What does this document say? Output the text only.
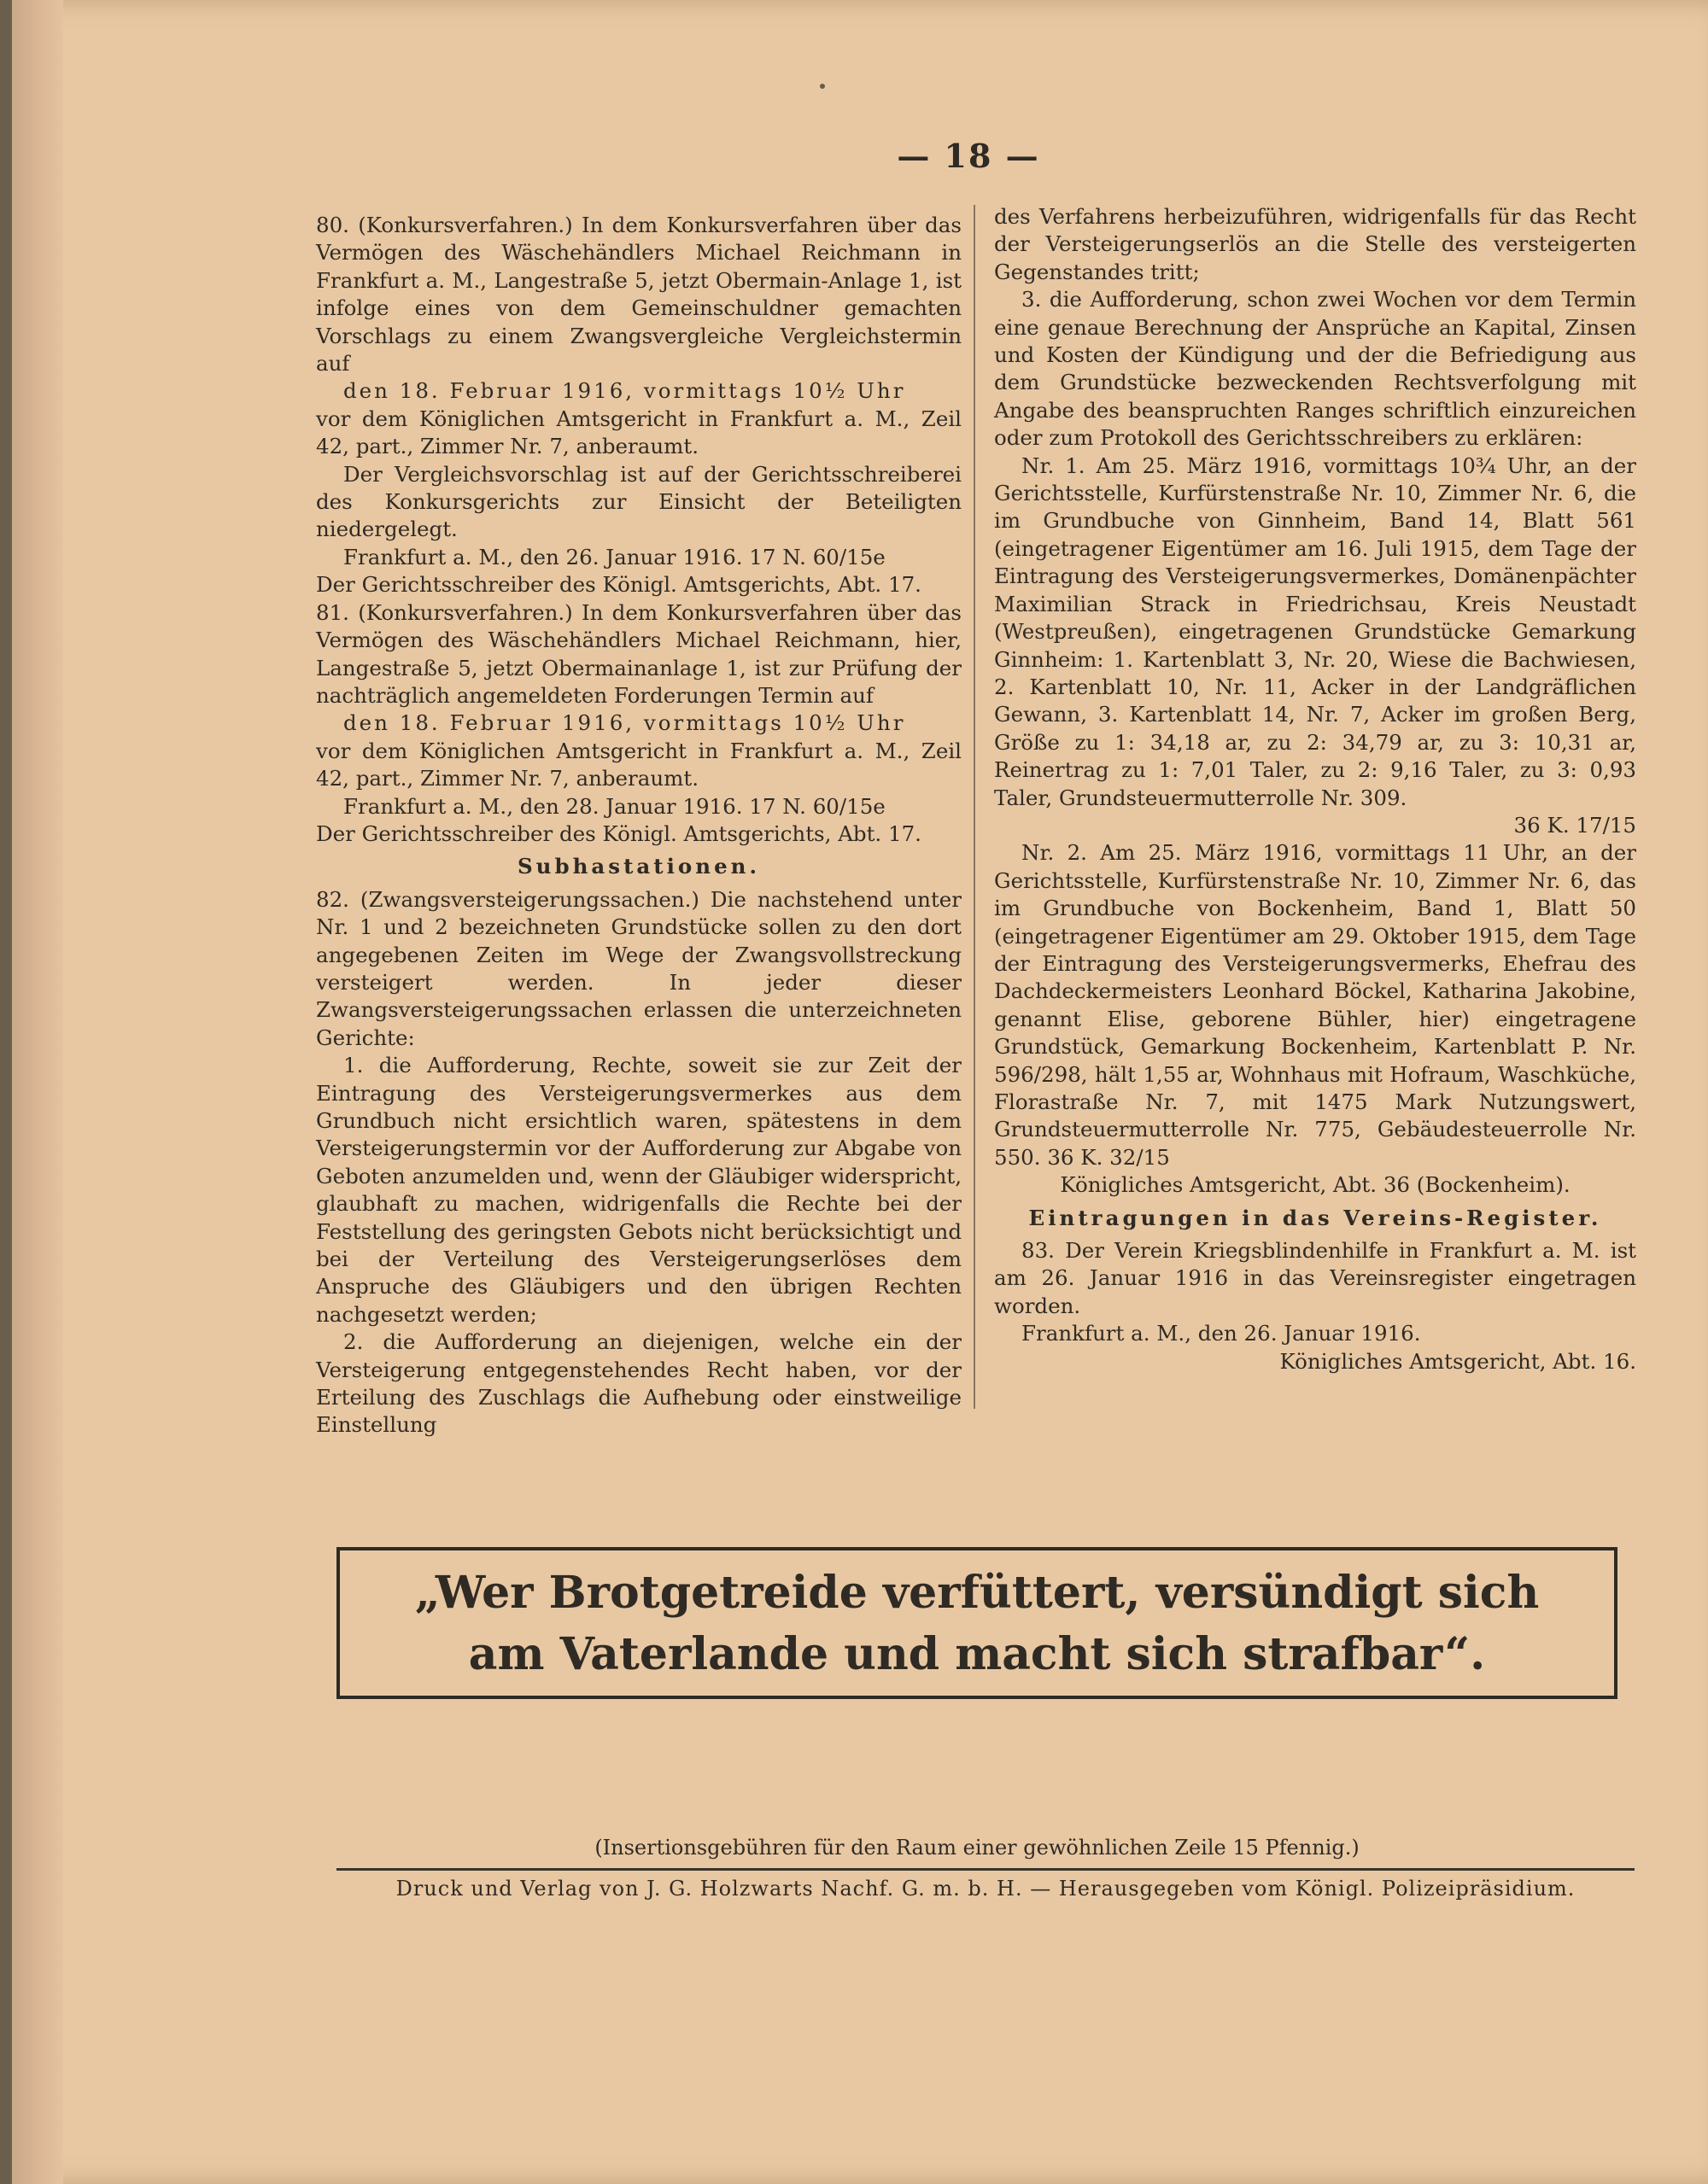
— 18 —

80. (Konkursverfahren.) In dem Konkursverfahren über das Vermögen des Wäschehändlers Michael Reichmann in Frankfurt a. M., Langestraße 5, jetzt Obermain-Anlage 1, ist infolge eines von dem Gemeinschuldner gemachten Vorschlags zu einem Zwangsvergleiche Vergleichstermin auf

den 18. Februar 1916, vormittags 10½ Uhr

vor dem Königlichen Amtsgericht in Frankfurt a. M., Zeil 42, part., Zimmer Nr. 7, anberaumt.

Der Vergleichsvorschlag ist auf der Gerichtsschreiberei des Konkursgerichts zur Einsicht der Beteiligten niedergelegt.

Frankfurt a. M., den 26. Januar 1916. 17 N. 60/15e

Der Gerichtsschreiber des Königl. Amtsgerichts, Abt. 17.

81. (Konkursverfahren.) In dem Konkursverfahren über das Vermögen des Wäschehändlers Michael Reichmann, hier, Langestraße 5, jetzt Obermainanlage 1, ist zur Prüfung der nachträglich angemeldeten Forderungen Termin auf

den 18. Februar 1916, vormittags 10½ Uhr

vor dem Königlichen Amtsgericht in Frankfurt a. M., Zeil 42, part., Zimmer Nr. 7, anberaumt.

Frankfurt a. M., den 28. Januar 1916. 17 N. 60/15e

Der Gerichtsschreiber des Königl. Amtsgerichts, Abt. 17.

Subhastationen.

82. (Zwangsversteigerungssachen.) Die nachstehend unter Nr. 1 und 2 bezeichneten Grundstücke sollen zu den dort angegebenen Zeiten im Wege der Zwangsvollstreckung versteigert werden. In jeder dieser Zwangsversteigerungssachen erlassen die unterzeichneten Gerichte:

1. die Aufforderung, Rechte, soweit sie zur Zeit der Eintragung des Versteigerungsvermerkes aus dem Grundbuch nicht ersichtlich waren, spätestens in dem Versteigerungstermin vor der Aufforderung zur Abgabe von Geboten anzumelden und, wenn der Gläubiger widerspricht, glaubhaft zu machen, widrigenfalls die Rechte bei der Feststellung des geringsten Gebots nicht berücksichtigt und bei der Verteilung des Versteigerungserlöses dem Anspruche des Gläubigers und den übrigen Rechten nachgesetzt werden;

2. die Aufforderung an diejenigen, welche ein der Versteigerung entgegenstehendes Recht haben, vor der Erteilung des Zuschlags die Aufhebung oder einstweilige Einstellung

des Verfahrens herbeizuführen, widrigenfalls für das Recht der Versteigerungserlös an die Stelle des versteigerten Gegenstandes tritt;

3. die Aufforderung, schon zwei Wochen vor dem Termin eine genaue Berechnung der Ansprüche an Kapital, Zinsen und Kosten der Kündigung und der die Befriedigung aus dem Grundstücke bezweckenden Rechtsverfolgung mit Angabe des beanspruchten Ranges schriftlich einzureichen oder zum Protokoll des Gerichtsschreibers zu erklären:

Nr. 1. Am 25. März 1916, vormittags 10¾ Uhr, an der Gerichtsstelle, Kurfürstenstraße Nr. 10, Zimmer Nr. 6, die im Grundbuche von Ginnheim, Band 14, Blatt 561 (eingetragener Eigentümer am 16. Juli 1915, dem Tage der Eintragung des Versteigerungsvermerkes, Domänenpächter Maximilian Strack in Friedrichsau, Kreis Neustadt (Westpreußen), eingetragenen Grundstücke Gemarkung Ginnheim: 1. Kartenblatt 3, Nr. 20, Wiese die Bachwiesen, 2. Kartenblatt 10, Nr. 11, Acker in der Landgräflichen Gewann, 3. Kartenblatt 14, Nr. 7, Acker im großen Berg, Größe zu 1: 34,18 ar, zu 2: 34,79 ar, zu 3: 10,31 ar, Reinertrag zu 1: 7,01 Taler, zu 2: 9,16 Taler, zu 3: 0,93 Taler, Grundsteuermutterrolle Nr. 309.

36 K. 17/15

Nr. 2. Am 25. März 1916, vormittags 11 Uhr, an der Gerichtsstelle, Kurfürstenstraße Nr. 10, Zimmer Nr. 6, das im Grundbuche von Bockenheim, Band 1, Blatt 50 (eingetragener Eigentümer am 29. Oktober 1915, dem Tage der Eintragung des Versteigerungsvermerks, Ehefrau des Dachdeckermeisters Leonhard Böckel, Katharina Jakobine, genannt Elise, geborene Bühler, hier) eingetragene Grundstück, Gemarkung Bockenheim, Kartenblatt P. Nr. 596/298, hält 1,55 ar, Wohnhaus mit Hofraum, Waschküche, Florastraße Nr. 7, mit 1475 Mark Nutzungswert, Grundsteuermutterrolle Nr. 775, Gebäudesteuerrolle Nr. 550. 36 K. 32/15

Königliches Amtsgericht, Abt. 36 (Bockenheim).

Eintragungen in das Vereins-Register.

83. Der Verein Kriegsblindenhilfe in Frankfurt a. M. ist am 26. Januar 1916 in das Vereinsregister eingetragen worden.

Frankfurt a. M., den 26. Januar 1916.

Königliches Amtsgericht, Abt. 16.

„Wer Brotgetreide verfüttert, versündigt sich
am Vaterlande und macht sich strafbar“.
(Insertionsgebühren für den Raum einer gewöhnlichen Zeile 15 Pfennig.)
Druck und Verlag von J. G. Holzwarts Nachf. G. m. b. H. — Herausgegeben vom Königl. Polizeipräsidium.
